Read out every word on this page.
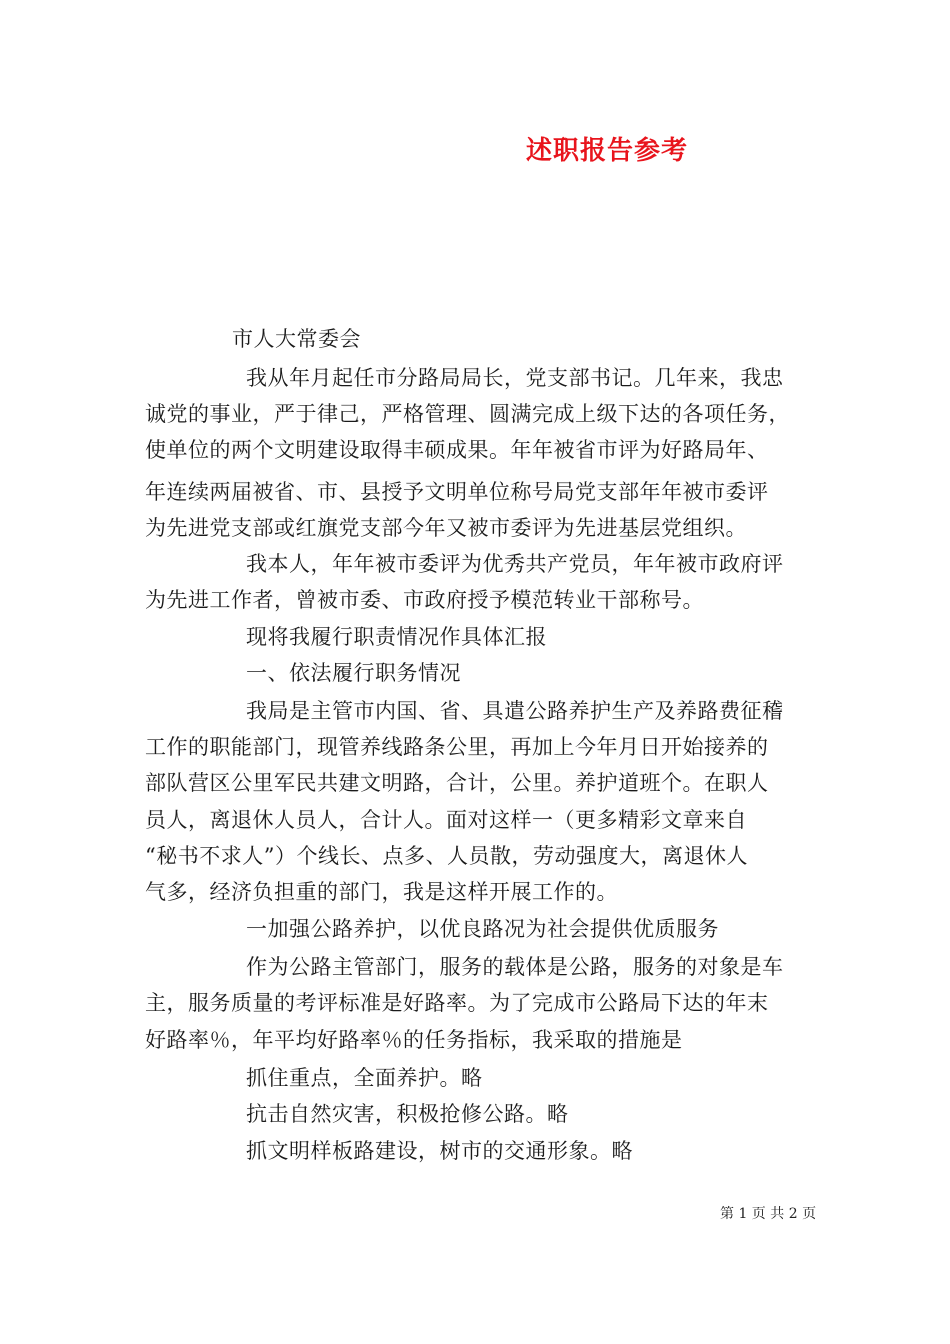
述职报告参考

市人大常委会

我从年月起任市分路局局长，党支部书记。几年来，我忠

诚党的事业，严于律己，严格管理、圆满完成上级下达的各项任务，

使单位的两个文明建设取得丰硕成果。年年被省市评为好路局年、

年连续两届被省、市、县授予文明单位称号局党支部年年被市委评

为先进党支部或红旗党支部今年又被市委评为先进基层党组织。

我本人，年年被市委评为优秀共产党员，年年被市政府评

为先进工作者，曾被市委、市政府授予模范转业干部称号。

现将我履行职责情况作具体汇报

一、依法履行职务情况

我局是主管市内国、省、具遣公路养护生产及养路费征稽

工作的职能部门，现管养线路条公里，再加上今年月日开始接养的

部队营区公里军民共建文明路，合计，公里。养护道班个。在职人

员人，离退休人员人，合计人。面对这样一（更多精彩文章来自

“秘书不求人”）个线长、点多、人员散，劳动强度大，离退休人

气多，经济负担重的部门，我是这样开展工作的。

一加强公路养护，以优良路况为社会提供优质服务

作为公路主管部门，服务的载体是公路，服务的对象是车

主，服务质量的考评标准是好路率。为了完成市公路局下达的年末

好路率％，年平均好路率％的任务指标，我采取的措施是

抓住重点，全面养护。略

抗击自然灾害，积极抢修公路。略

抓文明样板路建设，树市的交通形象。略

第 1 页 共 2 页
